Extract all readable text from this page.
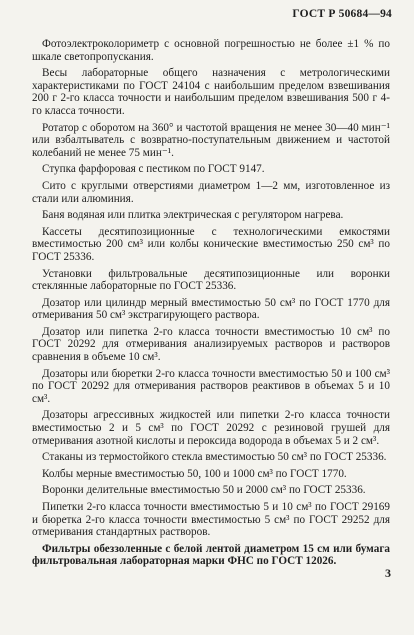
ГОСТ Р 50684—94

Фотоэлектроколориметр с основной погрешностью не более ±1 % по шкале светопропускания.

Весы лабораторные общего назначения с метрологическими характеристиками по ГОСТ 24104 с наибольшим пределом взвешивания 200 г 2-го класса точности и наибольшим пределом взвешивания 500 г 4-го класса точности.

Ротатор с оборотом на 360° и частотой вращения не менее 30—40 мин⁻¹ или взбалтыватель с возвратно-поступательным движением и частотой колебаний не менее 75 мин⁻¹.

Ступка фарфоровая с пестиком по ГОСТ 9147.

Сито с круглыми отверстиями диаметром 1—2 мм, изготовленное из стали или алюминия.

Баня водяная или плитка электрическая с регулятором нагрева.

Кассеты десятипозиционные с технологическими емкостями вместимостью 200 см³ или колбы конические вместимостью 250 см³ по ГОСТ 25336.

Установки фильтровальные десятипозиционные или воронки стеклянные лабораторные по ГОСТ 25336.

Дозатор или цилиндр мерный вместимостью 50 см³ по ГОСТ 1770 для отмеривания 50 см³ экстрагирующего раствора.

Дозатор или пипетка 2-го класса точности вместимостью 10 см³ по ГОСТ 20292 для отмеривания анализируемых растворов и растворов сравнения в объеме 10 см³.

Дозаторы или бюретки 2-го класса точности вместимостью 50 и 100 см³ по ГОСТ 20292 для отмеривания растворов реактивов в объемах 5 и 10 см³.

Дозаторы агрессивных жидкостей или пипетки 2-го класса точности вместимостью 2 и 5 см³ по ГОСТ 20292 с резиновой грушей для отмеривания азотной кислоты и пероксида водорода в объемах 5 и 2 см³.

Стаканы из термостойкого стекла вместимостью 50 см³ по ГОСТ 25336.

Колбы мерные вместимостью 50, 100 и 1000 см³ по ГОСТ 1770.

Воронки делительные вместимостью 50 и 2000 см³ по ГОСТ 25336.

Пипетки 2-го класса точности вместимостью 5 и 10 см³ по ГОСТ 29169 и бюретка 2-го класса точности вместимостью 5 см³ по ГОСТ 29252 для отмеривания стандартных растворов.

Фильтры обеззоленные с белой лентой диаметром 15 см или бумага фильтровальная лабораторная марки ФНС по ГОСТ 12026.

3
